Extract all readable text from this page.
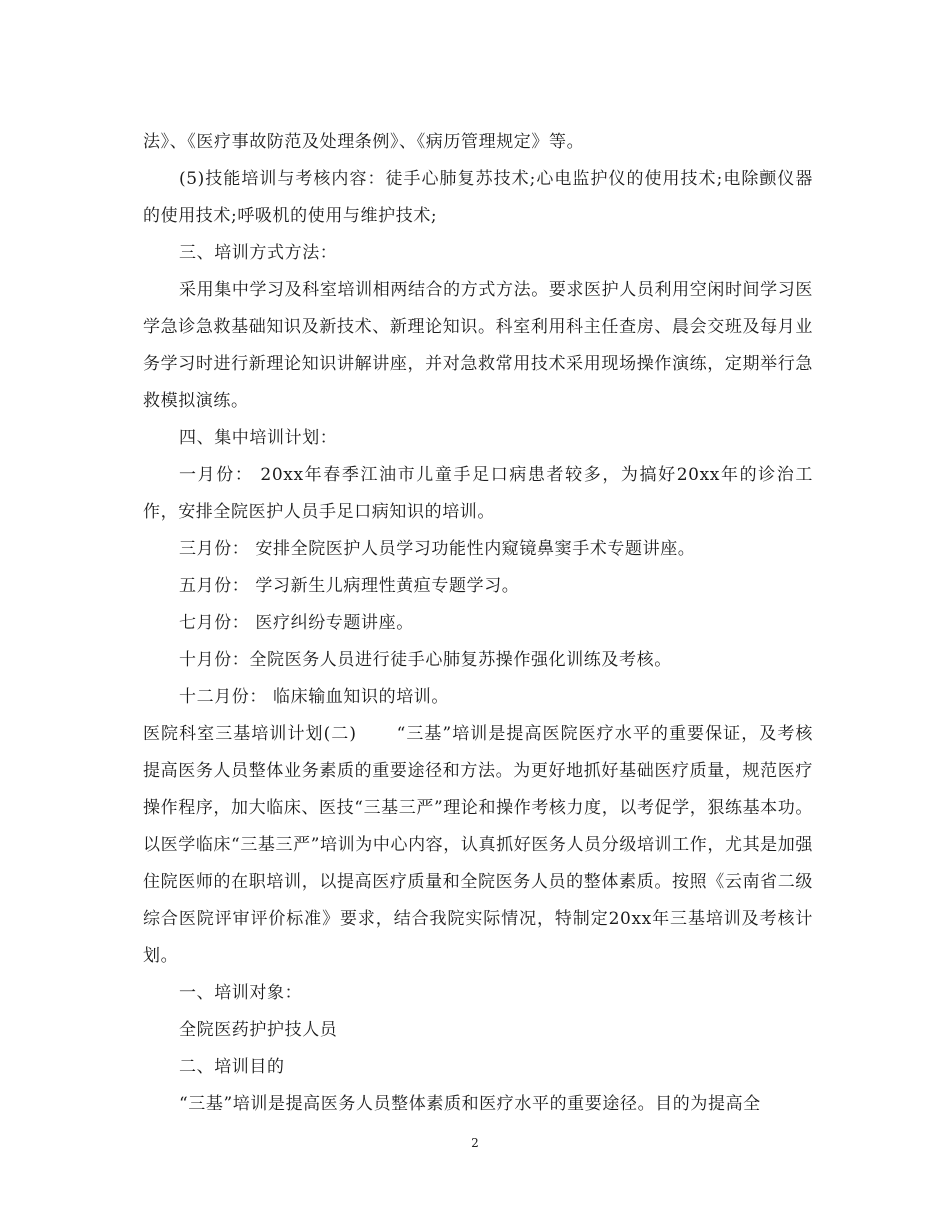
法》、《医疗事故防范及处理条例》、《病历管理规定》等。

(5)技能培训与考核内容：徒手心肺复苏技术;心电监护仪的使用技术;电除颤仪器的使用技术;呼吸机的使用与维护技术;

三、培训方式方法：

采用集中学习及科室培训相两结合的方式方法。要求医护人员利用空闲时间学习医学急诊急救基础知识及新技术、新理论知识。科室利用科主任查房、晨会交班及每月业务学习时进行新理论知识讲解讲座，并对急救常用技术采用现场操作演练，定期举行急救模拟演练。

四、集中培训计划：

一月份： 20xx年春季江油市儿童手足口病患者较多，为搞好20xx年的诊治工作，安排全院医护人员手足口病知识的培训。

三月份： 安排全院医护人员学习功能性内窥镜鼻窦手术专题讲座。

五月份： 学习新生儿病理性黄疸专题学习。

七月份： 医疗纠纷专题讲座。

十月份：全院医务人员进行徒手心肺复苏操作强化训练及考核。

十二月份： 临床输血知识的培训。

医院科室三基培训计划(二) “三基”培训是提高医院医疗水平的重要保证，及考核提高医务人员整体业务素质的重要途径和方法。为更好地抓好基础医疗质量，规范医疗操作程序，加大临床、医技“三基三严”理论和操作考核力度，以考促学，狠练基本功。以医学临床“三基三严”培训为中心内容，认真抓好医务人员分级培训工作，尤其是加强住院医师的在职培训，以提高医疗质量和全院医务人员的整体素质。按照《云南省二级综合医院评审评价标准》要求，结合我院实际情况，特制定20xx年三基培训及考核计划。

一、培训对象：

全院医药护护技人员

二、培训目的

“三基”培训是提高医务人员整体素质和医疗水平的重要途径。目的为提高全

2
